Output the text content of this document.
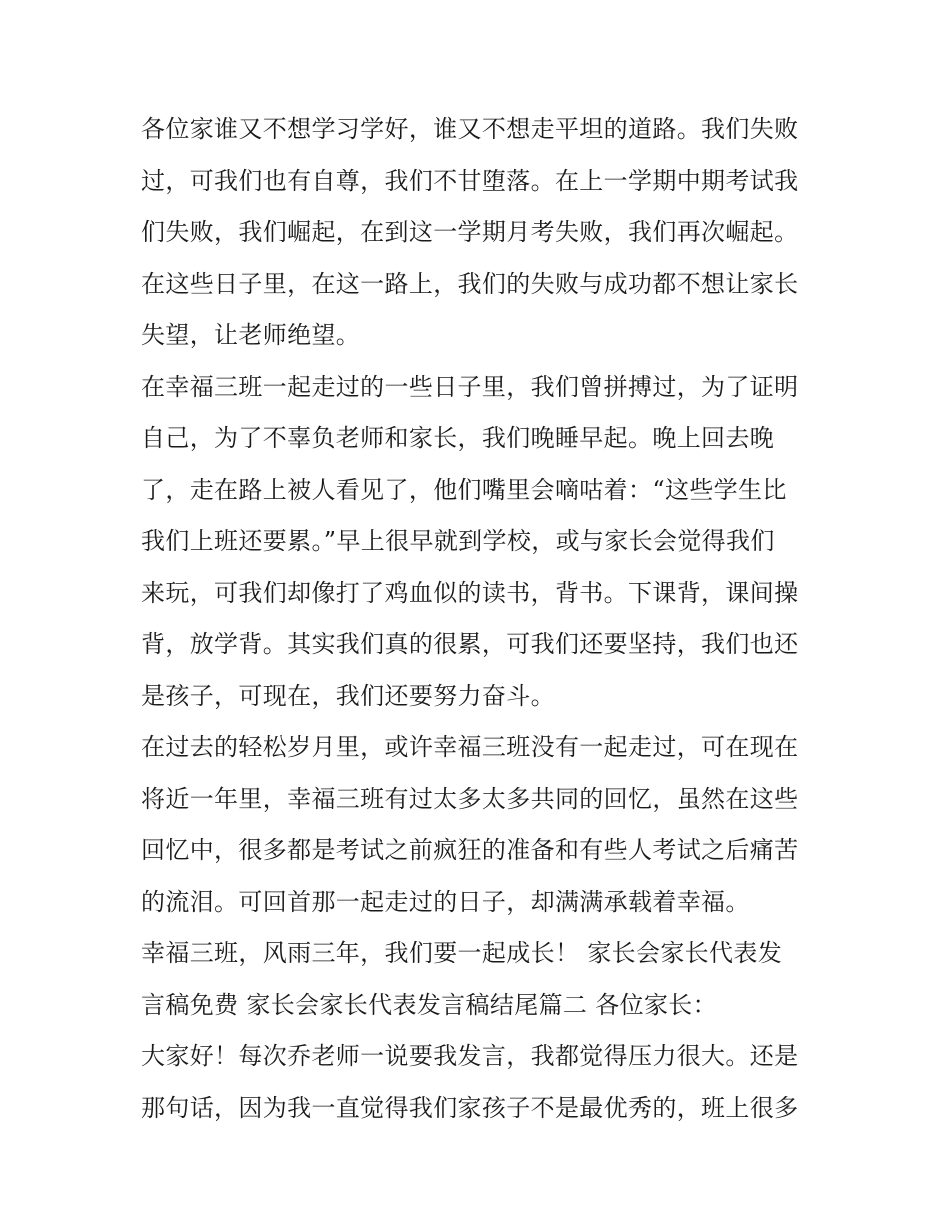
各位家谁又不想学习学好，谁又不想走平坦的道路。我们失败
过，可我们也有自尊，我们不甘堕落。在上一学期中期考试我
们失败，我们崛起，在到这一学期月考失败，我们再次崛起。
在这些日子里，在这一路上，我们的失败与成功都不想让家长
失望，让老师绝望。
在幸福三班一起走过的一些日子里，我们曾拼搏过，为了证明
自己，为了不辜负老师和家长，我们晚睡早起。晚上回去晚
了，走在路上被人看见了，他们嘴里会嘀咕着：“这些学生比
我们上班还要累。”早上很早就到学校，或与家长会觉得我们
来玩，可我们却像打了鸡血似的读书，背书。下课背，课间操
背，放学背。其实我们真的很累，可我们还要坚持，我们也还
是孩子，可现在，我们还要努力奋斗。
在过去的轻松岁月里，或许幸福三班没有一起走过，可在现在
将近一年里，幸福三班有过太多太多共同的回忆，虽然在这些
回忆中，很多都是考试之前疯狂的准备和有些人考试之后痛苦
的流泪。可回首那一起走过的日子，却满满承载着幸福。
幸福三班，风雨三年，我们要一起成长！ 家长会家长代表发
言稿免费 家长会家长代表发言稿结尾篇二 各位家长：
大家好！每次乔老师一说要我发言，我都觉得压力很大。还是
那句话，因为我一直觉得我们家孩子不是最优秀的，班上很多
